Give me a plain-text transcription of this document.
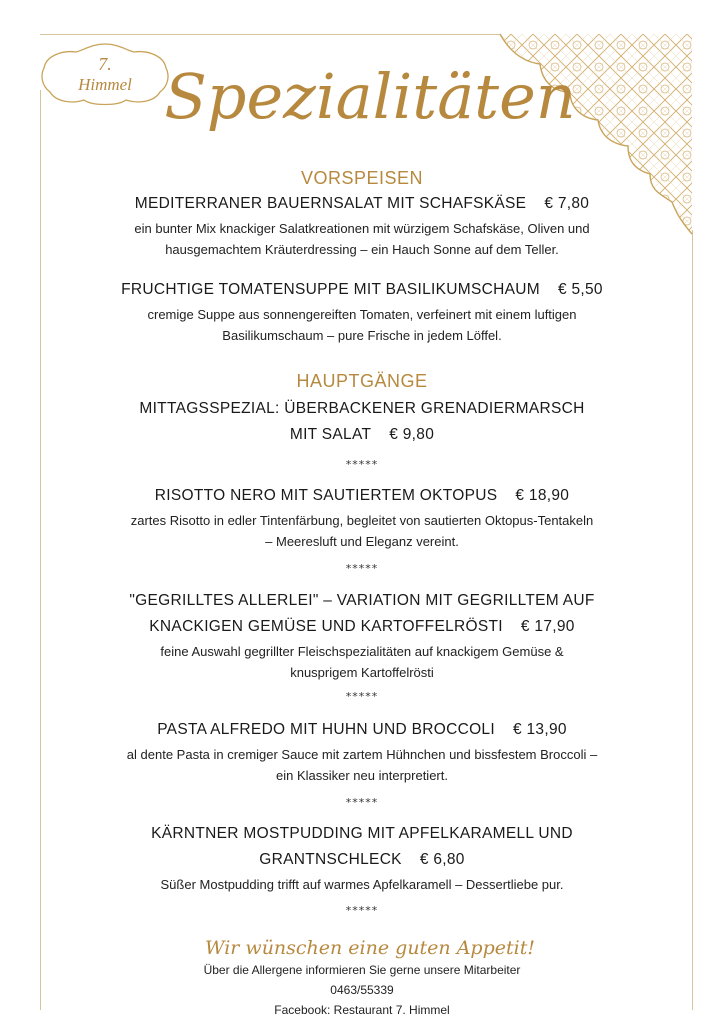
7.
Himmel Spezialitäten
VORSPEISEN
MEDITERRANER BAUERNSALAT MIT SCHAFSKÄSE € 7,80
ein bunter Mix knackiger Salatkreationen mit würzigem Schafskäse, Oliven und
hausgemachtem Kräuterdressing – ein Hauch Sonne auf dem Teller.
FRUCHTIGE TOMATENSUPPE MIT BASILIKUMSCHAUM € 5,50
cremige Suppe aus sonnengereiften Tomaten, verfeinert mit einem luftigen
Basilikumschaum – pure Frische in jedem Löffel.
HAUPTGÄNGE
MITTAGSSPEZIAL: ÜBERBACKENER GRENADIERMARSCH
MIT SALAT € 9,80
*****
RISOTTO NERO MIT SAUTIERTEM OKTOPUS € 18,90
zartes Risotto in edler Tintenfärbung, begleitet von sautierten Oktopus-Tentakeln
– Meeresluft und Eleganz vereint.
*****
"GEGRILLTES ALLERLEI" – VARIATION MIT GEGRILLTEM AUF
KNACKIGEN GEMÜSE UND KARTOFFELRÖSTI € 17,90
feine Auswahl gegrillter Fleischspezialitäten auf knackigem Gemüse &
knusprigem Kartoffelrösti
*****
PASTA ALFREDO MIT HUHN UND BROCCOLI € 13,90
al dente Pasta in cremiger Sauce mit zartem Hühnchen und bissfestem Broccoli –
ein Klassiker neu interpretiert.
*****
KÄRNTNER MOSTPUDDING MIT APFELKARAMELL UND
GRANTNSCHLECK € 6,80
Süßer Mostpudding trifft auf warmes Apfelkaramell – Dessertliebe pur.
*****
Wir wünschen eine guten Appetit!
Über die Allergene informieren Sie gerne unsere Mitarbeiter
0463/55339
Facebook: Restaurant 7. Himmel
